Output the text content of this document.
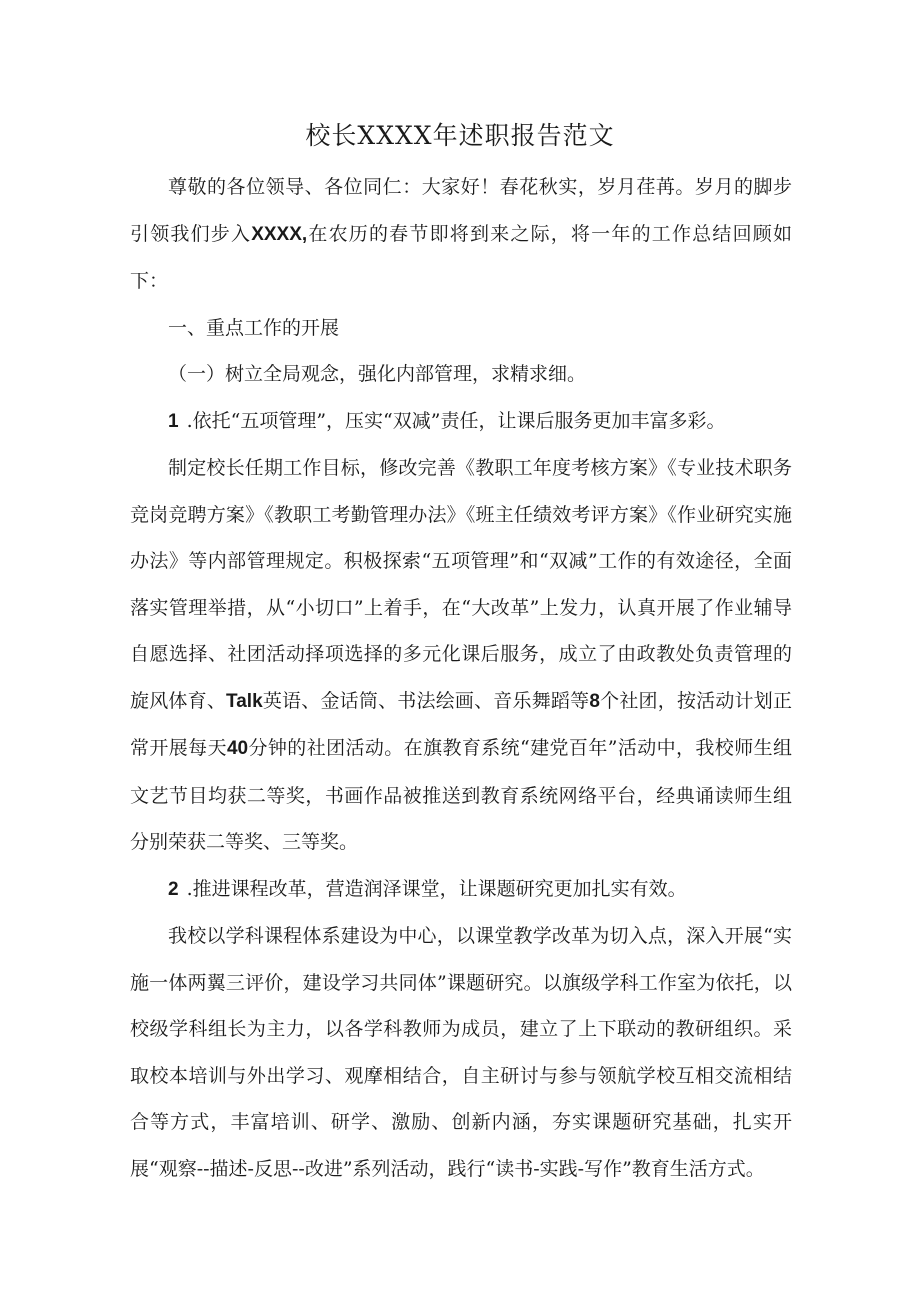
校长XXXX年述职报告范文

尊敬的各位领导、各位同仁：大家好！春花秋实，岁月荏苒。岁月的脚步引领我们步入XXXX,在农历的春节即将到来之际，将一年的工作总结回顾如下：

一、重点工作的开展

（一）树立全局观念，强化内部管理，求精求细。

1 .依托“五项管理”，压实“双减”责任，让课后服务更加丰富多彩。

制定校长任期工作目标，修改完善《教职工年度考核方案》《专业技术职务竞岗竞聘方案》《教职工考勤管理办法》《班主任绩效考评方案》《作业研究实施办法》等内部管理规定。积极探索“五项管理”和“双减”工作的有效途径，全面落实管理举措，从“小切口”上着手，在“大改革”上发力，认真开展了作业辅导自愿选择、社团活动择项选择的多元化课后服务，成立了由政教处负责管理的旋风体育、Talk英语、金话筒、书法绘画、音乐舞蹈等8个社团，按活动计划正常开展每天40分钟的社团活动。在旗教育系统“建党百年”活动中，我校师生组文艺节目均获二等奖，书画作品被推送到教育系统网络平台，经典诵读师生组分别荣获二等奖、三等奖。

2 .推进课程改革，营造润泽课堂，让课题研究更加扎实有效。

我校以学科课程体系建设为中心，以课堂教学改革为切入点，深入开展“实施一体两翼三评价，建设学习共同体”课题研究。以旗级学科工作室为依托，以校级学科组长为主力，以各学科教师为成员，建立了上下联动的教研组织。采取校本培训与外出学习、观摩相结合，自主研讨与参与领航学校互相交流相结合等方式，丰富培训、研学、激励、创新内涵，夯实课题研究基础，扎实开展“观察--描述-反思--改进”系列活动，践行“读书-实践-写作”教育生活方式。
